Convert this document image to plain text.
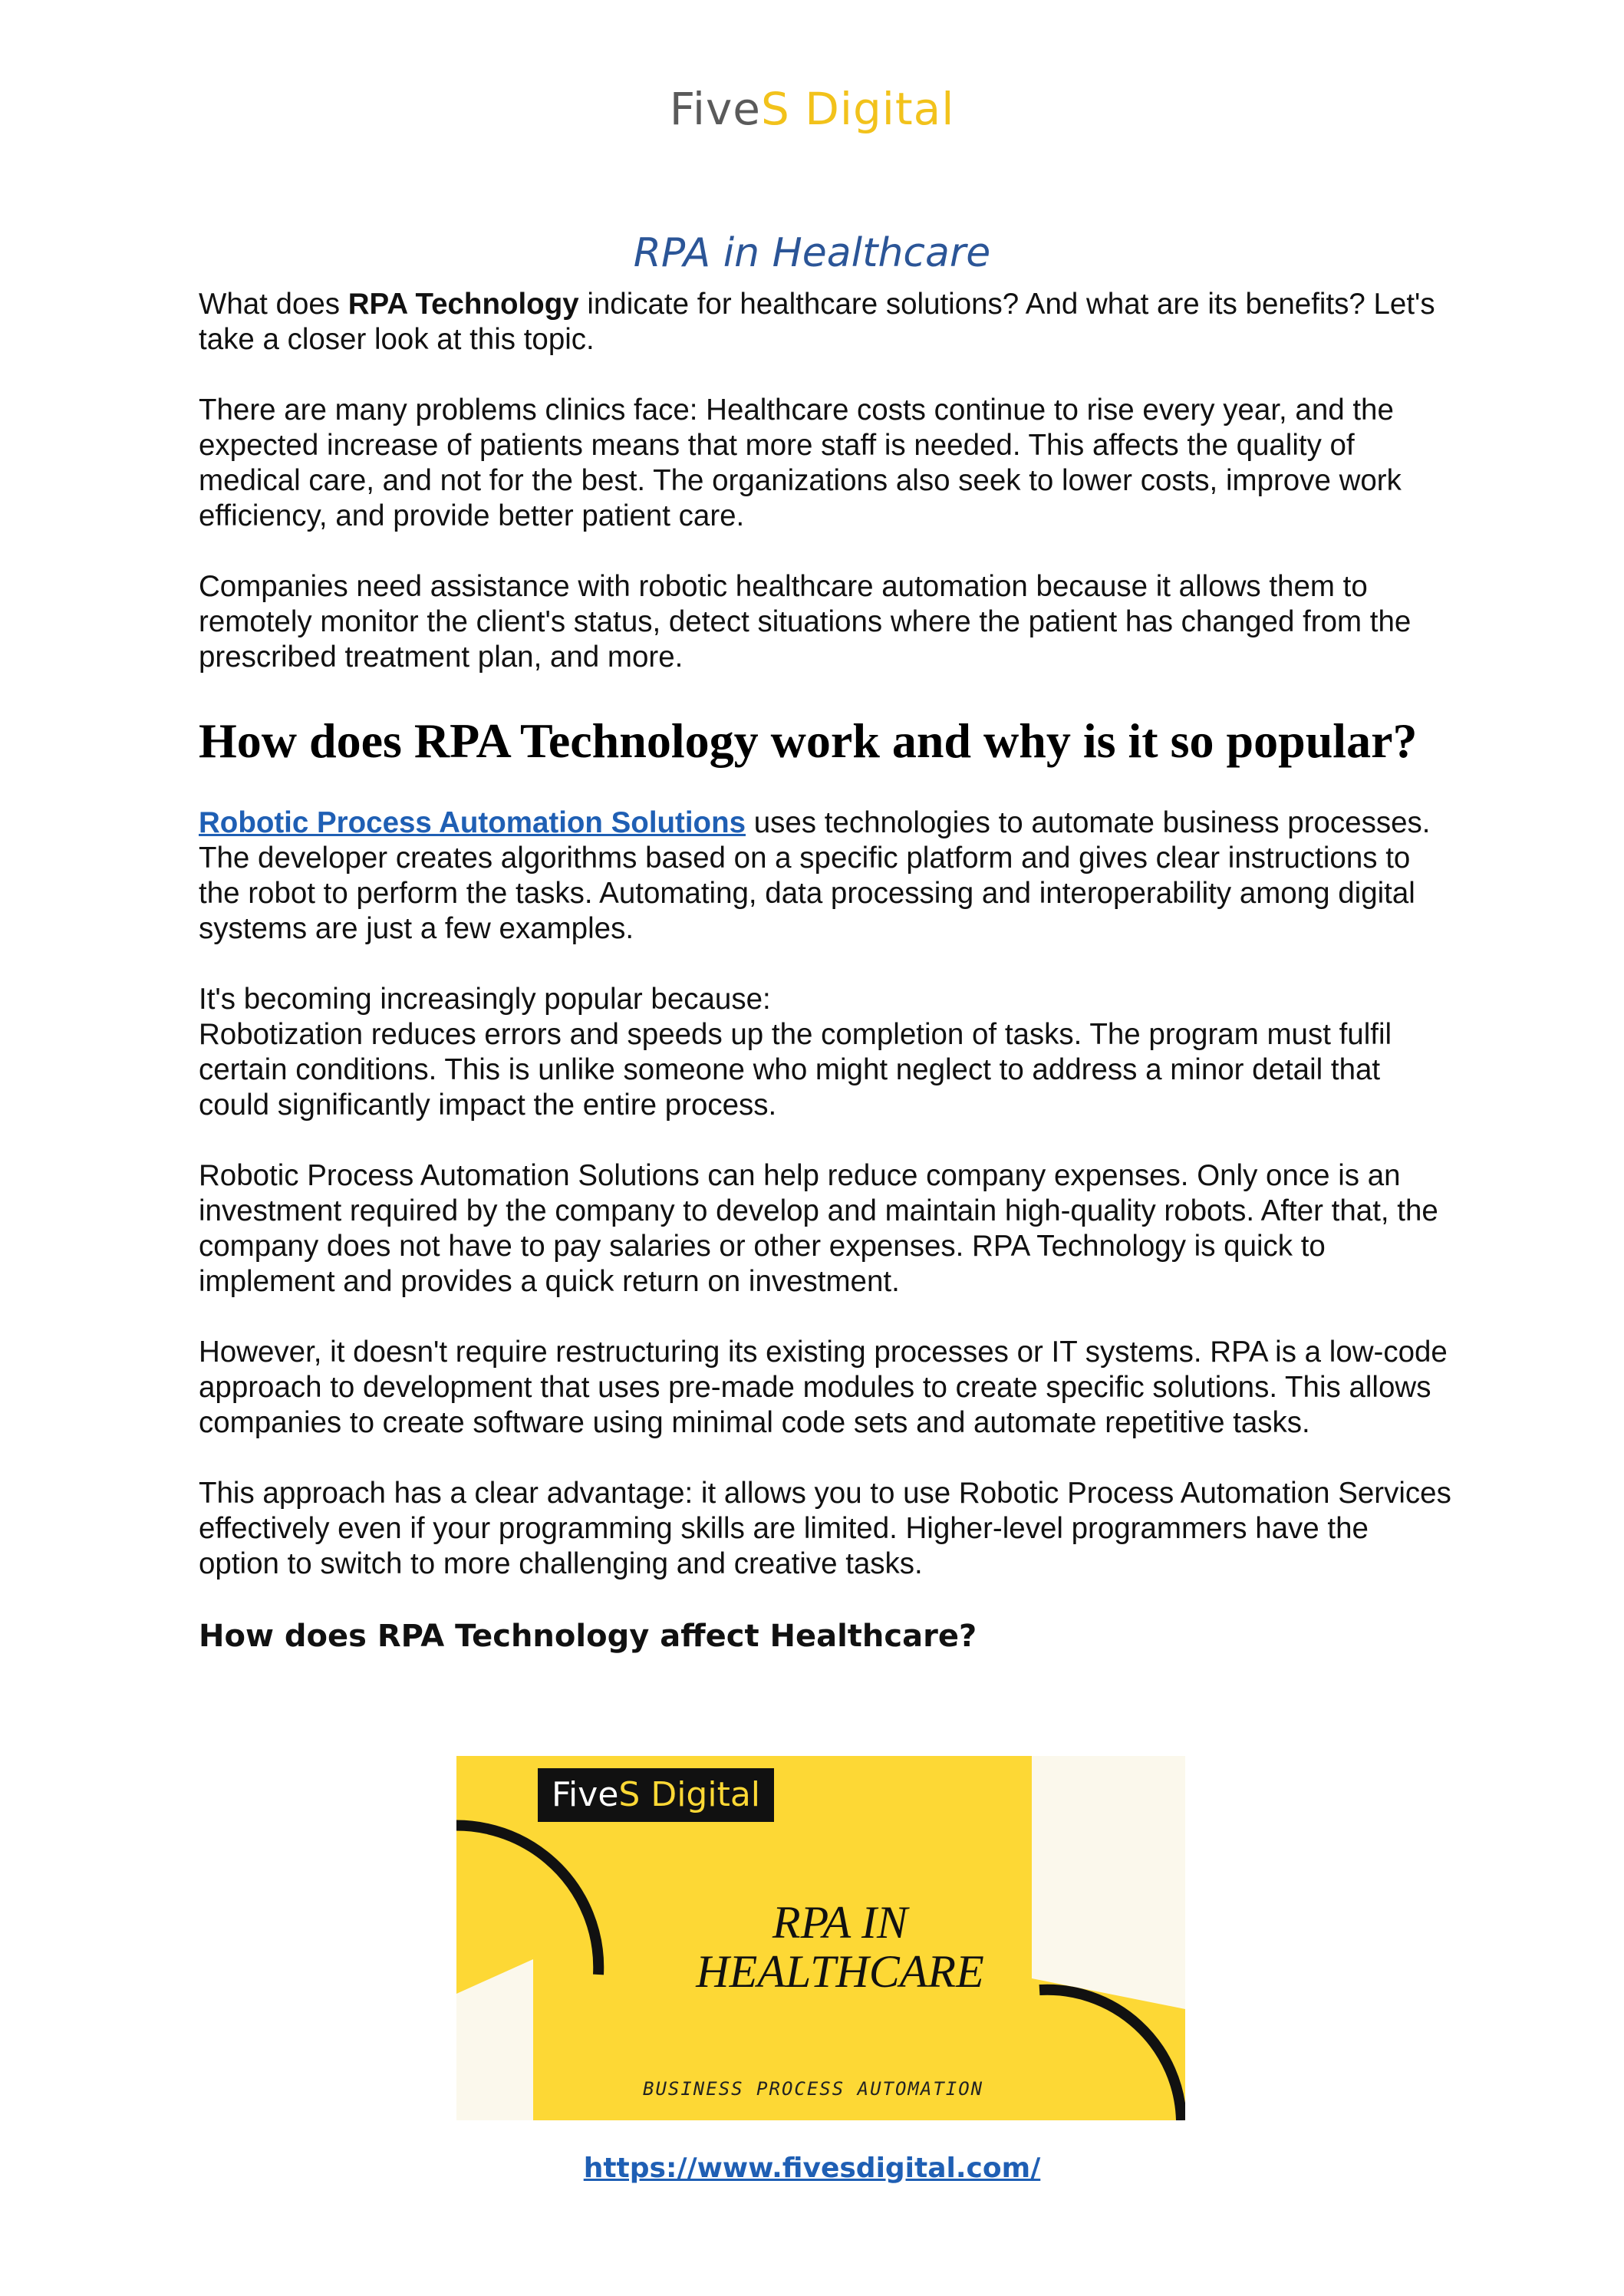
FiveS Digital
RPA in Healthcare

What does RPA Technology indicate for healthcare solutions? And what are its benefits? Let's take a closer look at this topic.

There are many problems clinics face: Healthcare costs continue to rise every year, and the expected increase of patients means that more staff is needed. This affects the quality of medical care, and not for the best. The organizations also seek to lower costs, improve work efficiency, and provide better patient care.

Companies need assistance with robotic healthcare automation because it allows them to remotely monitor the client's status, detect situations where the patient has changed from the prescribed treatment plan, and more.

How does RPA Technology work and why is it so popular?

Robotic Process Automation Solutions uses technologies to automate business processes. The developer creates algorithms based on a specific platform and gives clear instructions to the robot to perform the tasks. Automating, data processing and interoperability among digital systems are just a few examples.

It's becoming increasingly popular because:
Robotization reduces errors and speeds up the completion of tasks. The program must fulfil certain conditions. This is unlike someone who might neglect to address a minor detail that could significantly impact the entire process.

Robotic Process Automation Solutions can help reduce company expenses. Only once is an investment required by the company to develop and maintain high-quality robots. After that, the company does not have to pay salaries or other expenses. RPA Technology is quick to implement and provides a quick return on investment.

However, it doesn't require restructuring its existing processes or IT systems. RPA is a low-code approach to development that uses pre-made modules to create specific solutions. This allows companies to create software using minimal code sets and automate repetitive tasks.

This approach has a clear advantage: it allows you to use Robotic Process Automation Services effectively even if your programming skills are limited. Higher-level programmers have the option to switch to more challenging and creative tasks.

How does RPA Technology affect Healthcare?
FiveS Digital
RPA IN
HEALTHCARE
BUSINESS PROCESS AUTOMATION
https://www.fivesdigital.com/
